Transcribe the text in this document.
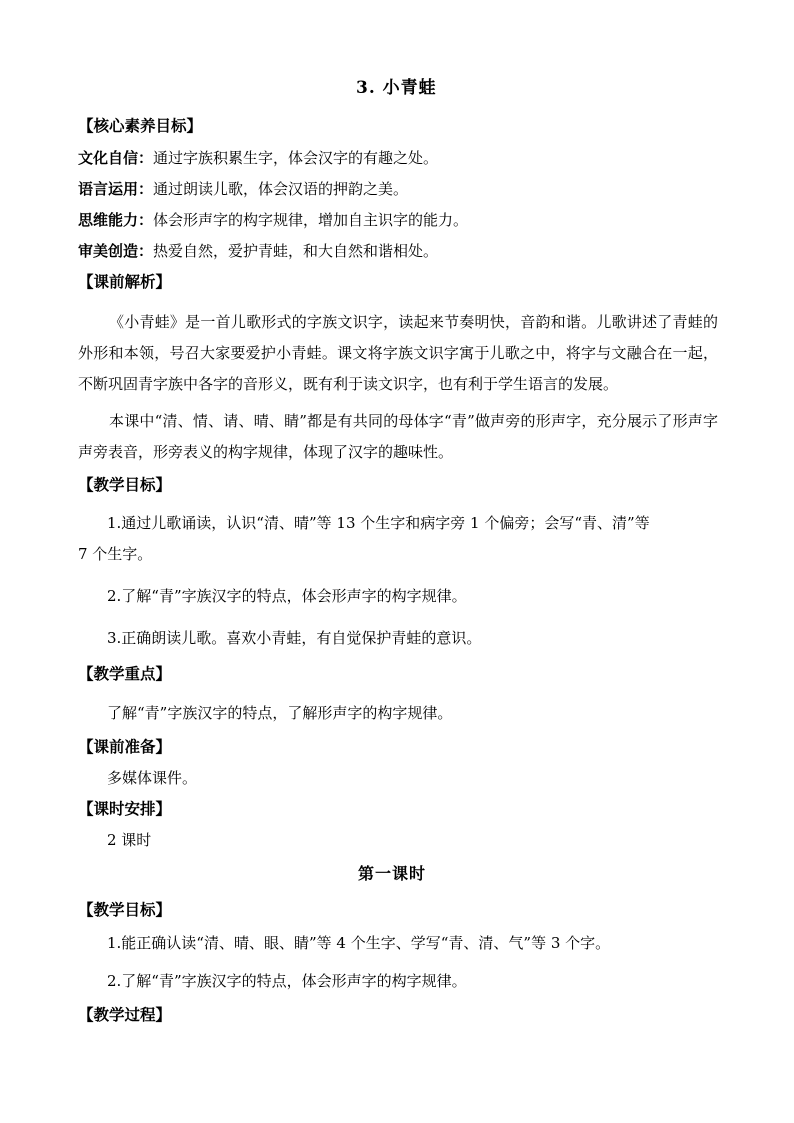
3. 小青蛙
【核心素养目标】
文化自信：通过字族积累生字，体会汉字的有趣之处。
语言运用：通过朗读儿歌，体会汉语的押韵之美。
思维能力：体会形声字的构字规律，增加自主识字的能力。
审美创造：热爱自然，爱护青蛙，和大自然和谐相处。
【课前解析】
《小青蛙》是一首儿歌形式的字族文识字，读起来节奏明快，音韵和谐。儿歌讲述了青蛙的外形和本领，号召大家要爱护小青蛙。课文将字族文识字寓于儿歌之中，将字与文融合在一起，不断巩固青字族中各字的音形义，既有利于读文识字，也有利于学生语言的发展。
本课中“清、情、请、晴、睛”都是有共同的母体字“青”做声旁的形声字，充分展示了形声字声旁表音，形旁表义的构字规律，体现了汉字的趣味性。
【教学目标】
1.通过儿歌诵读，认识“清、晴”等 13 个生字和病字旁 1 个偏旁；会写“青、清”等
7 个生字。
2.了解“青”字族汉字的特点，体会形声字的构字规律。
3.正确朗读儿歌。喜欢小青蛙，有自觉保护青蛙的意识。
【教学重点】
了解“青”字族汉字的特点，了解形声字的构字规律。
【课前准备】
多媒体课件。
【课时安排】
2 课时
第一课时
【教学目标】
1.能正确认读“清、晴、眼、睛”等 4 个生字、学写“青、清、气”等 3 个字。
2.了解“青”字族汉字的特点，体会形声字的构字规律。
【教学过程】
